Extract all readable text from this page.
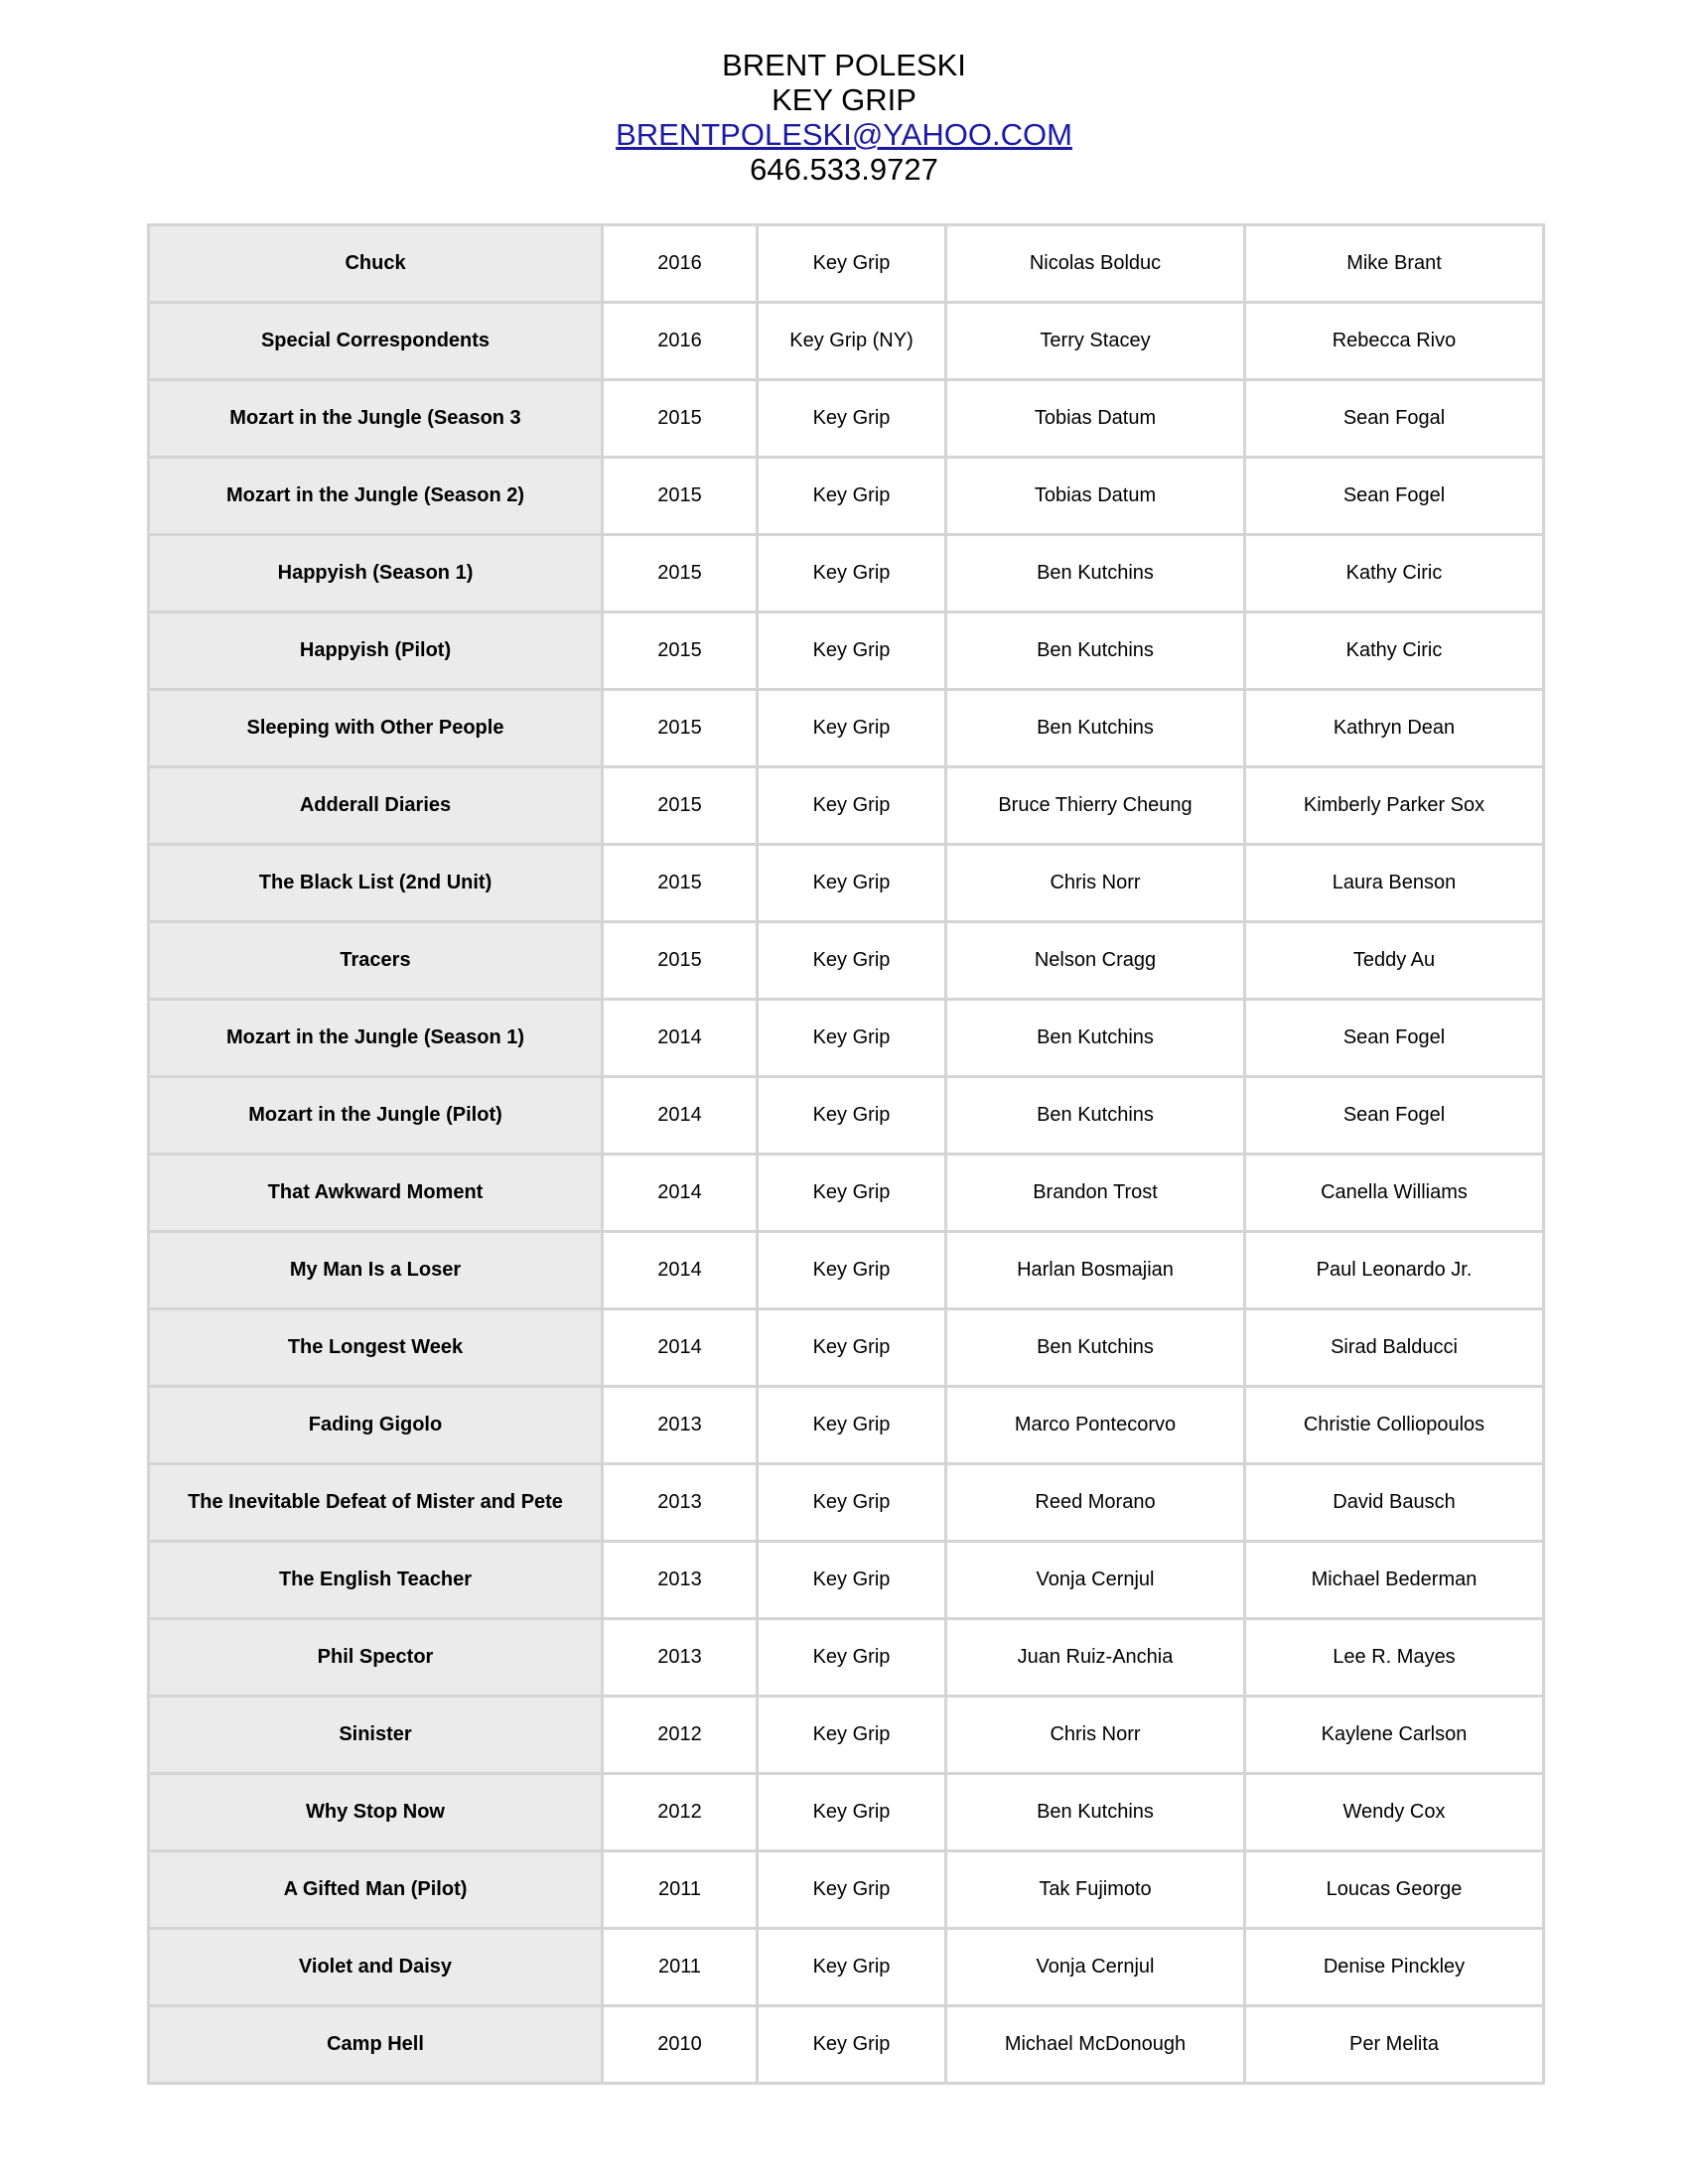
BRENT POLESKI
KEY GRIP
BRENTPOLESKI@YAHOO.COM
646.533.9727
Chuck	2016	Key Grip	Nicolas Bolduc	Mike Brant
Special Correspondents	2016	Key Grip (NY)	Terry Stacey	Rebecca Rivo
Mozart in the Jungle (Season 3	2015	Key Grip	Tobias Datum	Sean Fogal
Mozart in the Jungle (Season 2)	2015	Key Grip	Tobias Datum	Sean Fogel
Happyish (Season 1)	2015	Key Grip	Ben Kutchins	Kathy Ciric
Happyish (Pilot)	2015	Key Grip	Ben Kutchins	Kathy Ciric
Sleeping with Other People	2015	Key Grip	Ben Kutchins	Kathryn Dean
Adderall Diaries	2015	Key Grip	Bruce Thierry Cheung	Kimberly Parker Sox
The Black List (2nd Unit)	2015	Key Grip	Chris Norr	Laura Benson
Tracers	2015	Key Grip	Nelson Cragg	Teddy Au
Mozart in the Jungle (Season 1)	2014	Key Grip	Ben Kutchins	Sean Fogel
Mozart in the Jungle (Pilot)	2014	Key Grip	Ben Kutchins	Sean Fogel
That Awkward Moment	2014	Key Grip	Brandon Trost	Canella Williams
My Man Is a Loser	2014	Key Grip	Harlan Bosmajian	Paul Leonardo Jr.
The Longest Week	2014	Key Grip	Ben Kutchins	Sirad Balducci
Fading Gigolo	2013	Key Grip	Marco Pontecorvo	Christie Colliopoulos
The Inevitable Defeat of Mister and Pete	2013	Key Grip	Reed Morano	David Bausch
The English Teacher	2013	Key Grip	Vonja Cernjul	Michael Bederman
Phil Spector	2013	Key Grip	Juan Ruiz-Anchia	Lee R. Mayes
Sinister	2012	Key Grip	Chris Norr	Kaylene Carlson
Why Stop Now	2012	Key Grip	Ben Kutchins	Wendy Cox
A Gifted Man (Pilot)	2011	Key Grip	Tak Fujimoto	Loucas George
Violet and Daisy	2011	Key Grip	Vonja Cernjul	Denise Pinckley
Camp Hell	2010	Key Grip	Michael McDonough	Per Melita
